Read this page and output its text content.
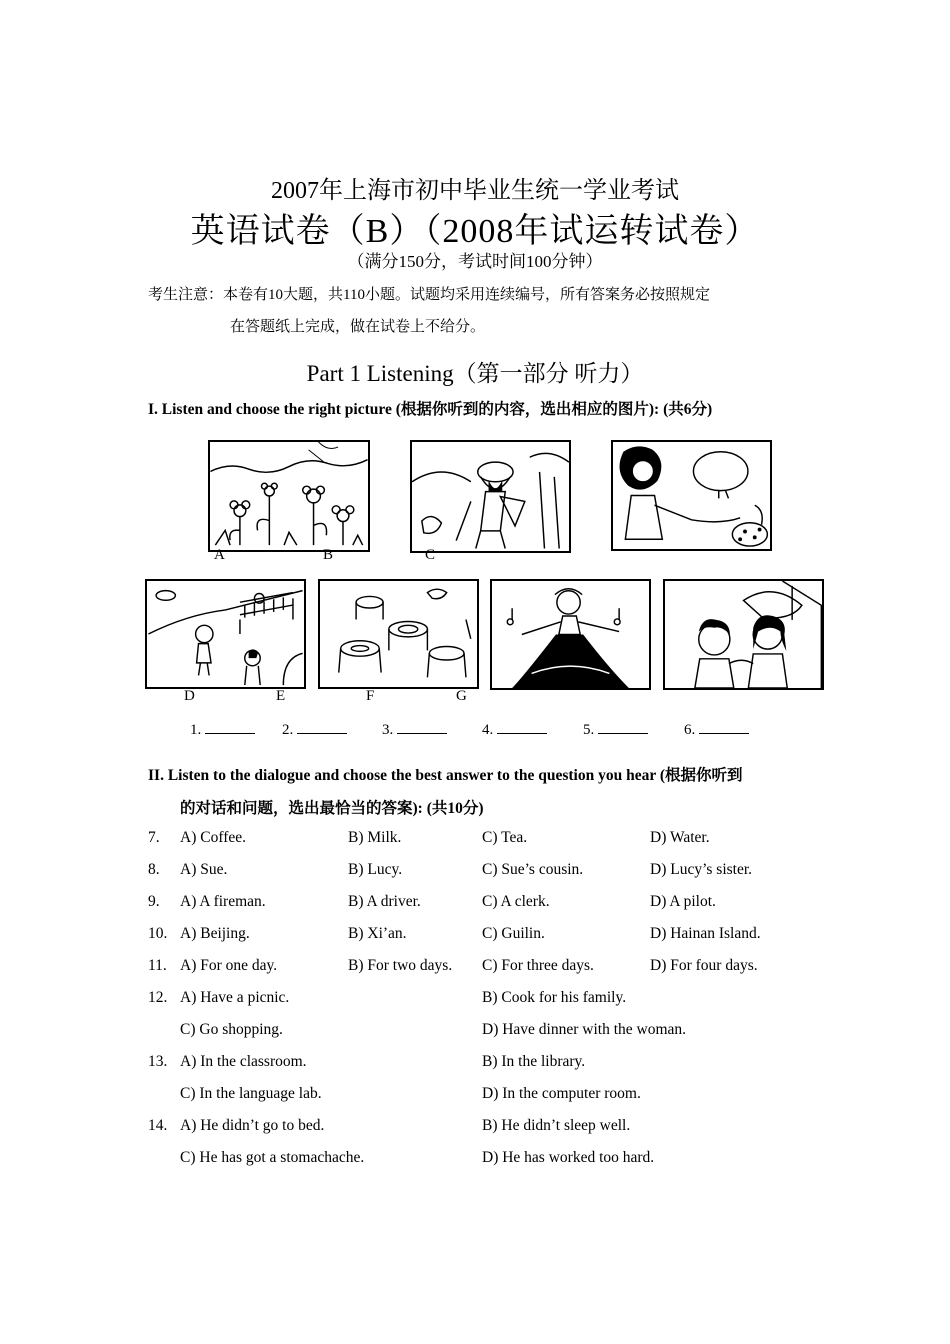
2007年上海市初中毕业生统一学业考试
英语试卷（B）（2008年试运转试卷）
（满分150分，考试时间100分钟）
考生注意：本卷有10大题，共110小题。试题均采用连续编号，所有答案务必按照规定
在答题纸上完成，做在试卷上不给分。
Part 1 Listening（第一部分 听力）
I. Listen and choose the right picture (根据你听到的内容，选出相应的图片): (共6分)
A	B	C
D	E	F	G
1.	2.	3.	4.	5.	6.
II. Listen to the dialogue and choose the best answer to the question you hear (根据你听到
的对话和问题，选出最恰当的答案): (共10分)
7. A) Coffee.	B) Milk.	C) Tea.	D) Water.
8. A) Sue.	B) Lucy.	C) Sue’s cousin.	D) Lucy’s sister.
9. A) A fireman.	B) A driver.	C) A clerk.	D) A pilot.
10. A) Beijing.	B) Xi’an.	C) Guilin.	D) Hainan Island.
11. A) For one day.	B) For two days. C) For three days.	D) For four days.
12. A) Have a picnic.	B) Cook for his family.
C) Go shopping.	D) Have dinner with the woman.
13. A) In the classroom.	B) In the library.
C) In the language lab.	D) In the computer room.
14. A) He didn’t go to bed.	B) He didn’t sleep well.
C) He has got a stomachache.	D) He has worked too hard.
